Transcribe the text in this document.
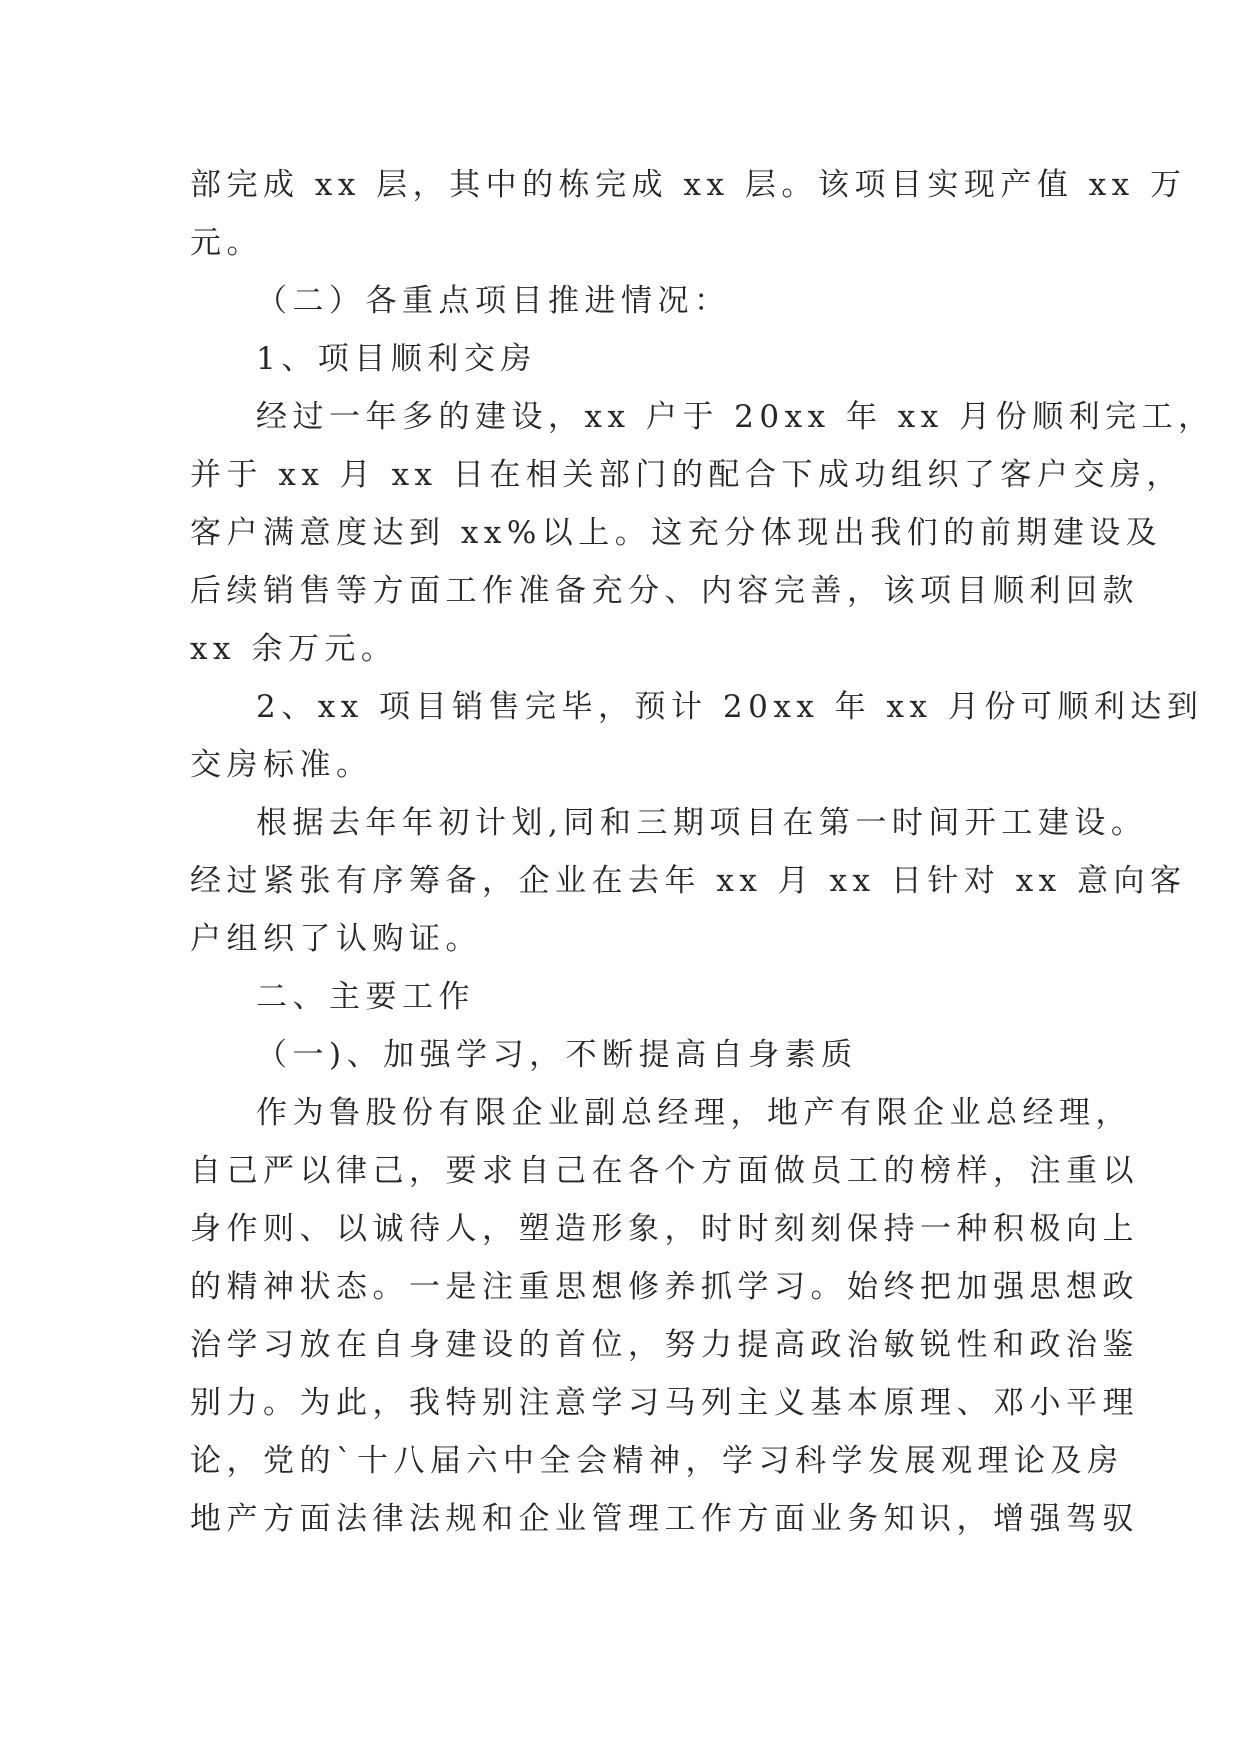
部完成 xx 层，其中的栋完成 xx 层。该项目实现产值 xx 万
元。
（二）各重点项目推进情况：
1、项目顺利交房
经过一年多的建设，xx 户于 20xx 年 xx 月份顺利完工，
并于 xx 月 xx 日在相关部门的配合下成功组织了客户交房，
客户满意度达到 xx%以上。这充分体现出我们的前期建设及
后续销售等方面工作准备充分、内容完善，该项目顺利回款
xx 余万元。
2、xx 项目销售完毕，预计 20xx 年 xx 月份可顺利达到
交房标准。
根据去年年初计划,同和三期项目在第一时间开工建设。
经过紧张有序筹备，企业在去年 xx 月 xx 日针对 xx 意向客
户组织了认购证。
二、主要工作
（一)、加强学习，不断提高自身素质
作为鲁股份有限企业副总经理，地产有限企业总经理，
自己严以律己，要求自己在各个方面做员工的榜样，注重以
身作则、以诚待人，塑造形象，时时刻刻保持一种积极向上
的精神状态。一是注重思想修养抓学习。始终把加强思想政
治学习放在自身建设的首位，努力提高政治敏锐性和政治鉴
别力。为此，我特别注意学习马列主义基本原理、邓小平理
论，党的`十八届六中全会精神，学习科学发展观理论及房
地产方面法律法规和企业管理工作方面业务知识，增强驾驭
